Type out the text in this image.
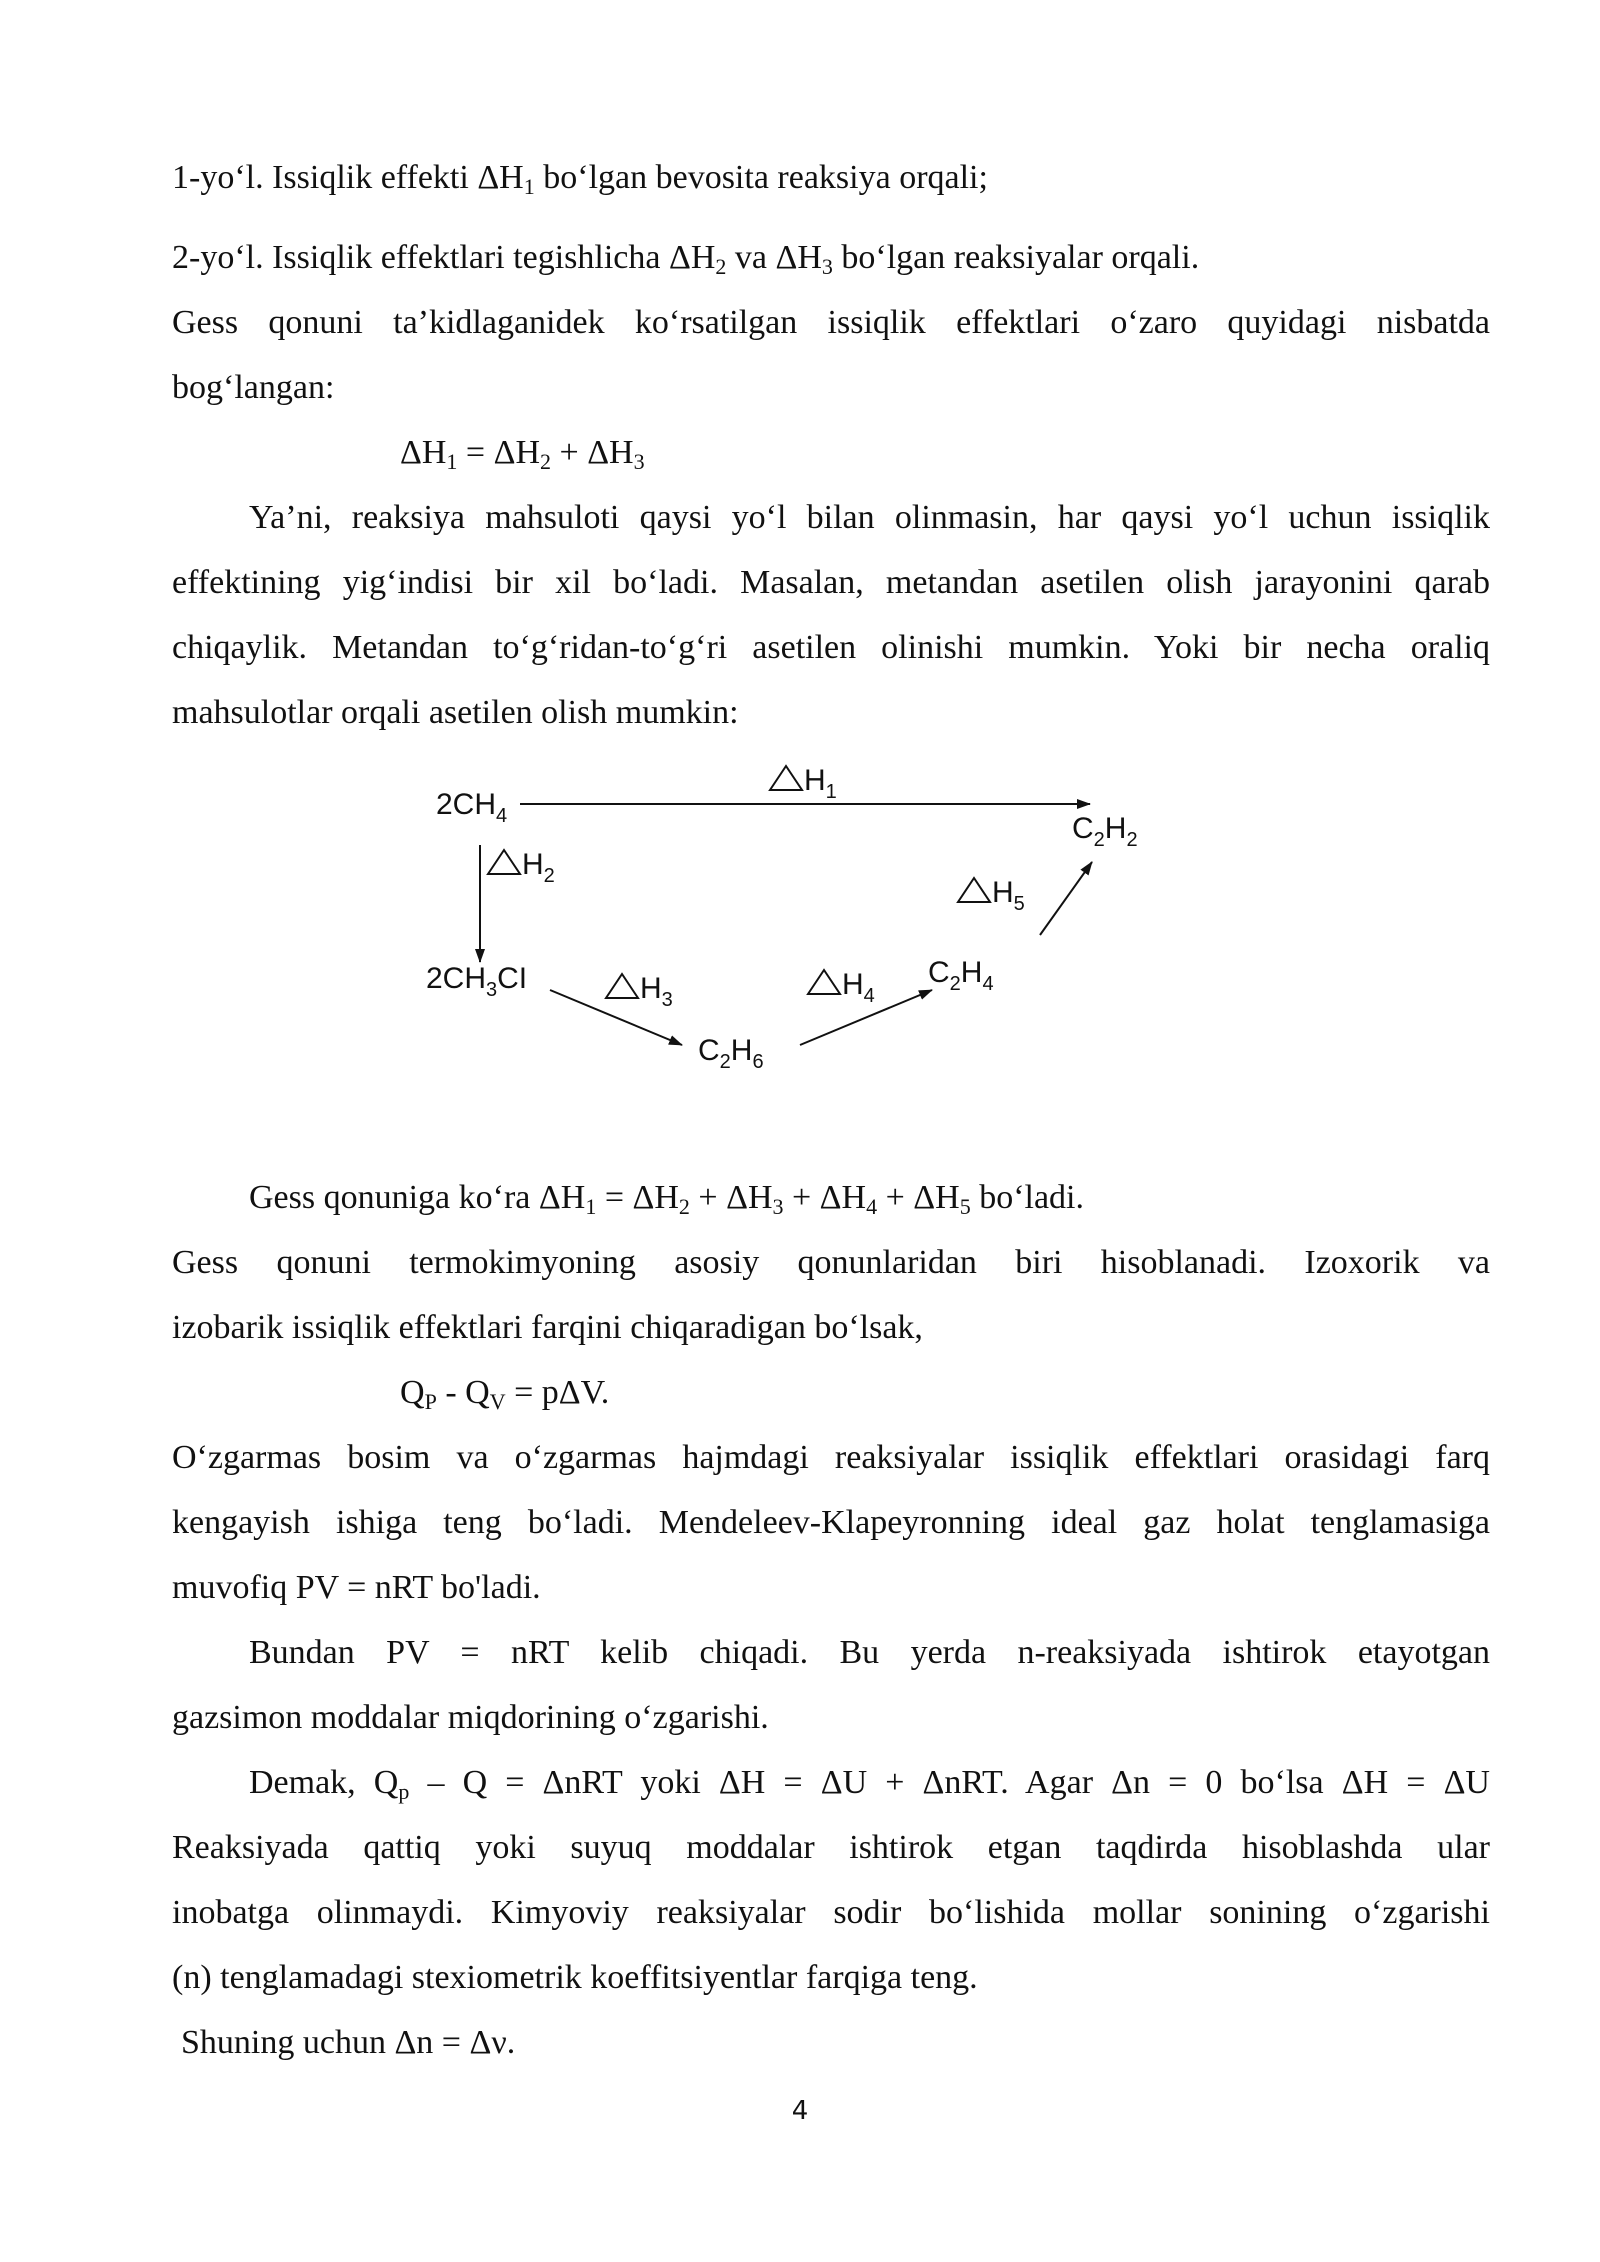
1-yo‘l. Issiqlik effekti $\Delta H_1$ bo‘lgan bevosita reaksiya orqali;
2-yo‘l. Issiqlik effektlari tegishlicha $\Delta H_2$ va $\Delta H_3$ bo‘lgan reaksiyalar orqali.
Gess qonuni ta’kidlaganidek ko‘rsatilgan issiqlik effektlari o‘zaro quyidagi nisbatda
bog‘langan:
$\Delta H_1 = \Delta H_2 + \Delta H_3$
Ya’ni, reaksiya mahsuloti qaysi yo‘l bilan olinmasin, har qaysi yo‘l uchun issiqlik
effektining yig‘indisi bir xil bo‘ladi. Masalan, metandan asetilen olish jarayonini qarab
chiqaylik. Metandan to‘g‘ridan-to‘g‘ri asetilen olinishi mumkin. Yoki bir necha oraliq
mahsulotlar orqali asetilen olish mumkin:
$2CH_4$
$2CH_3CI$
$C_2H_6$
$C_2H_4$
$C_2H_2$
$H_1$
$H_2$
$H_3$	$H_4$
$H_5$
Gess qonuniga ko‘ra $\Delta H_1 = \Delta H_2 + \Delta H_3 + \Delta H_4 + \Delta H_5$ bo‘ladi.
Gess qonuni termokimyoning asosiy qonunlaridan biri hisoblanadi. Izoxorik va
izobarik issiqlik effektlari farqini chiqaradigan bo‘lsak,
$Q_P - Q_V = p\Delta V$.
O‘zgarmas bosim va o‘zgarmas hajmdagi reaksiyalar issiqlik effektlari orasidagi farq
kengayish ishiga teng bo‘ladi. Mendeleev-Klapeyronning ideal gaz holat tenglamasiga
muvofiq PV = nRT bo'ladi.
Bundan PV = nRT kelib chiqadi. Bu yerda n-reaksiyada ishtirok etayotgan
gazsimon moddalar miqdorining o‘zgarishi.
Demak, $Q_p - Q = \Delta nRT$ yoki ΔH = ΔU + ΔnRT. Agar Δn = 0 bo‘lsa ΔH = ΔU
Reaksiyada qattiq yoki suyuq moddalar ishtirok etgan taqdirda hisoblashda ular
inobatga olinmaydi. Kimyoviy reaksiyalar sodir bo‘lishida mollar sonining o‘zgarishi
(n) tenglamadagi stexiometrik koeffitsiyentlar farqiga teng.
Shuning uchun Δn = Δν.
4
